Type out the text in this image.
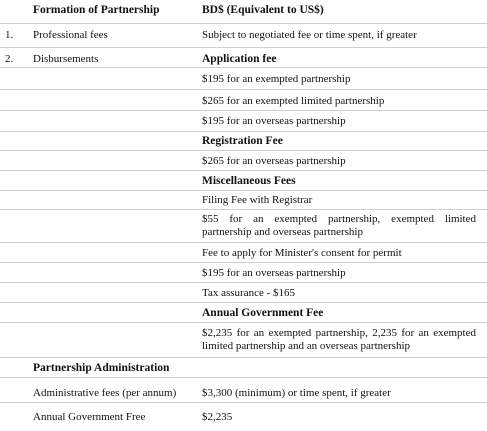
Formation of Partnership	BD$ (Equivalent to US$)
1. Professional fees	Subject to negotiated fee or time spent, if greater
2. Disbursements	Application fee
$195 for an exempted partnership
$265 for an exempted limited partnership
$195 for an overseas partnership
Registration Fee
$265 for an overseas partnership
Miscellaneous Fees
Filing Fee with Registrar
$55 for an exempted partnership, exempted limited partnership and overseas partnership
Fee to apply for Minister's consent for permit
$195 for an overseas partnership
Tax assurance - $165
Annual Government Fee
$2,235 for an exempted partnership, 2,235 for an exempted limited partnership and an overseas partnership
Partnership Administration
Administrative fees (per annum) $3,300 (minimum) or time spent, if greater
Annual Government Free	$2,235
